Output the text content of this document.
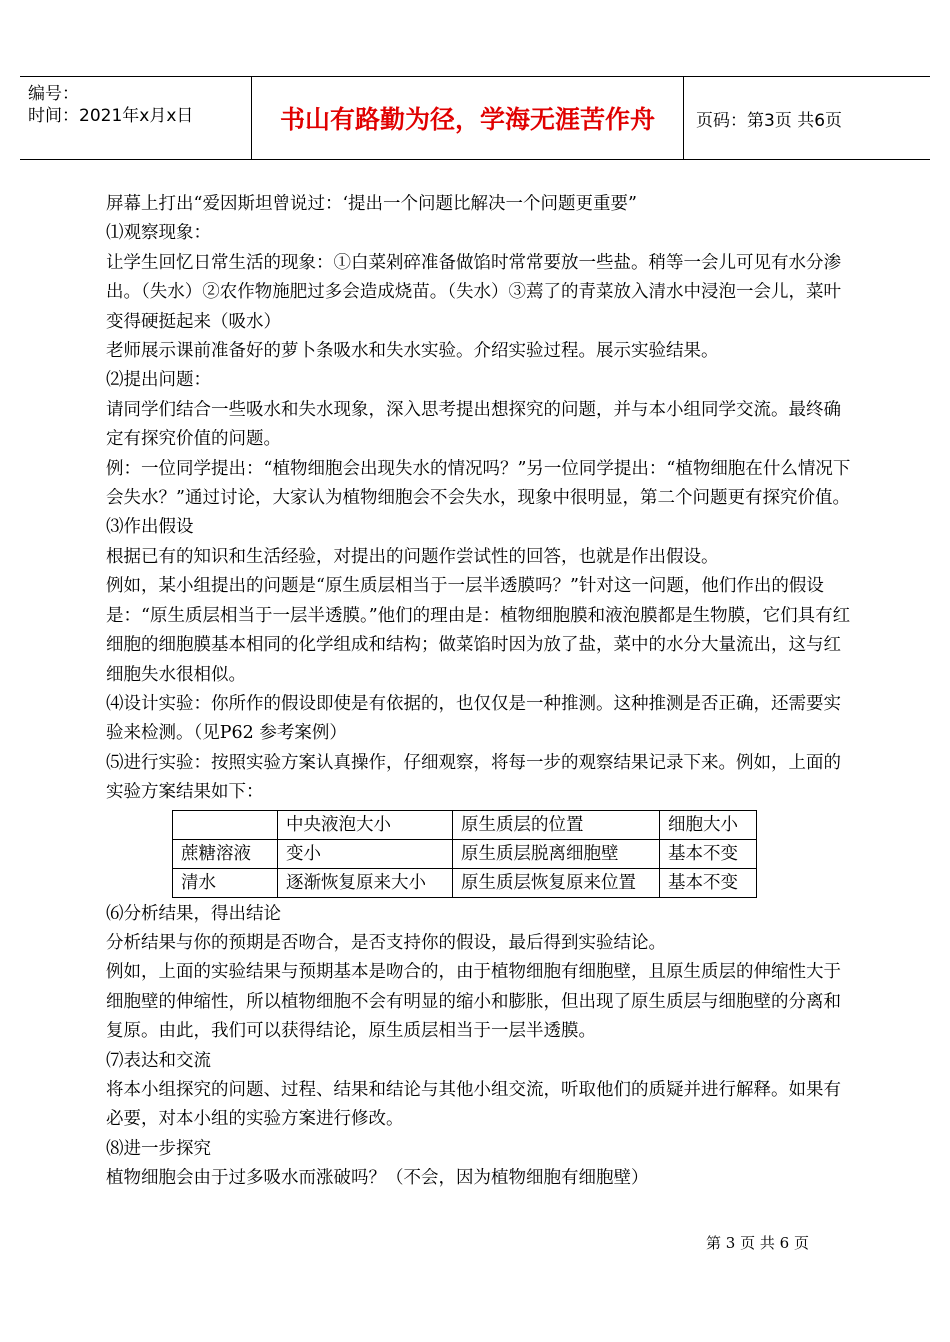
编号：
时间：2021年x月x日	书山有路勤为径，学海无涯苦作舟	页码：第3页 共6页

屏幕上打出“爱因斯坦曾说过：‘提出一个问题比解决一个问题更重要”

⑴观察现象：

让学生回忆日常生活的现象：①白菜剁碎准备做馅时常常要放一些盐。稍等一会儿可见有水分渗出。（失水）②农作物施肥过多会造成烧苗。（失水）③蔫了的青菜放入清水中浸泡一会儿，菜叶变得硬挺起来（吸水）

老师展示课前准备好的萝卜条吸水和失水实验。介绍实验过程。展示实验结果。

⑵提出问题：

请同学们结合一些吸水和失水现象，深入思考提出想探究的问题，并与本小组同学交流。最终确定有探究价值的问题。

例：一位同学提出：“植物细胞会出现失水的情况吗？”另一位同学提出：“植物细胞在什么情况下会失水？”通过讨论，大家认为植物细胞会不会失水，现象中很明显，第二个问题更有探究价值。

⑶作出假设

根据已有的知识和生活经验，对提出的问题作尝试性的回答，也就是作出假设。

例如，某小组提出的问题是“原生质层相当于一层半透膜吗？”针对这一问题，他们作出的假设是：“原生质层相当于一层半透膜。”他们的理由是：植物细胞膜和液泡膜都是生物膜，它们具有红细胞的细胞膜基本相同的化学组成和结构；做菜馅时因为放了盐，菜中的水分大量流出，这与红细胞失水很相似。

⑷设计实验：你所作的假设即使是有依据的，也仅仅是一种推测。这种推测是否正确，还需要实验来检测。（见P62 参考案例）

⑸进行实验：按照实验方案认真操作，仔细观察，将每一步的观察结果记录下来。例如，上面的实验方案结果如下：

	中央液泡大小	原生质层的位置	细胞大小
蔗糖溶液	变小	原生质层脱离细胞壁	基本不变
清水	逐渐恢复原来大小	原生质层恢复原来位置	基本不变

⑹分析结果，得出结论

分析结果与你的预期是否吻合，是否支持你的假设，最后得到实验结论。

例如，上面的实验结果与预期基本是吻合的，由于植物细胞有细胞壁，且原生质层的伸缩性大于细胞壁的伸缩性，所以植物细胞不会有明显的缩小和膨胀，但出现了原生质层与细胞壁的分离和复原。由此，我们可以获得结论，原生质层相当于一层半透膜。

⑺表达和交流

将本小组探究的问题、过程、结果和结论与其他小组交流，听取他们的质疑并进行解释。如果有必要，对本小组的实验方案进行修改。

⑻进一步探究

植物细胞会由于过多吸水而涨破吗？（不会，因为植物细胞有细胞壁）

第 3 页 共 6 页
